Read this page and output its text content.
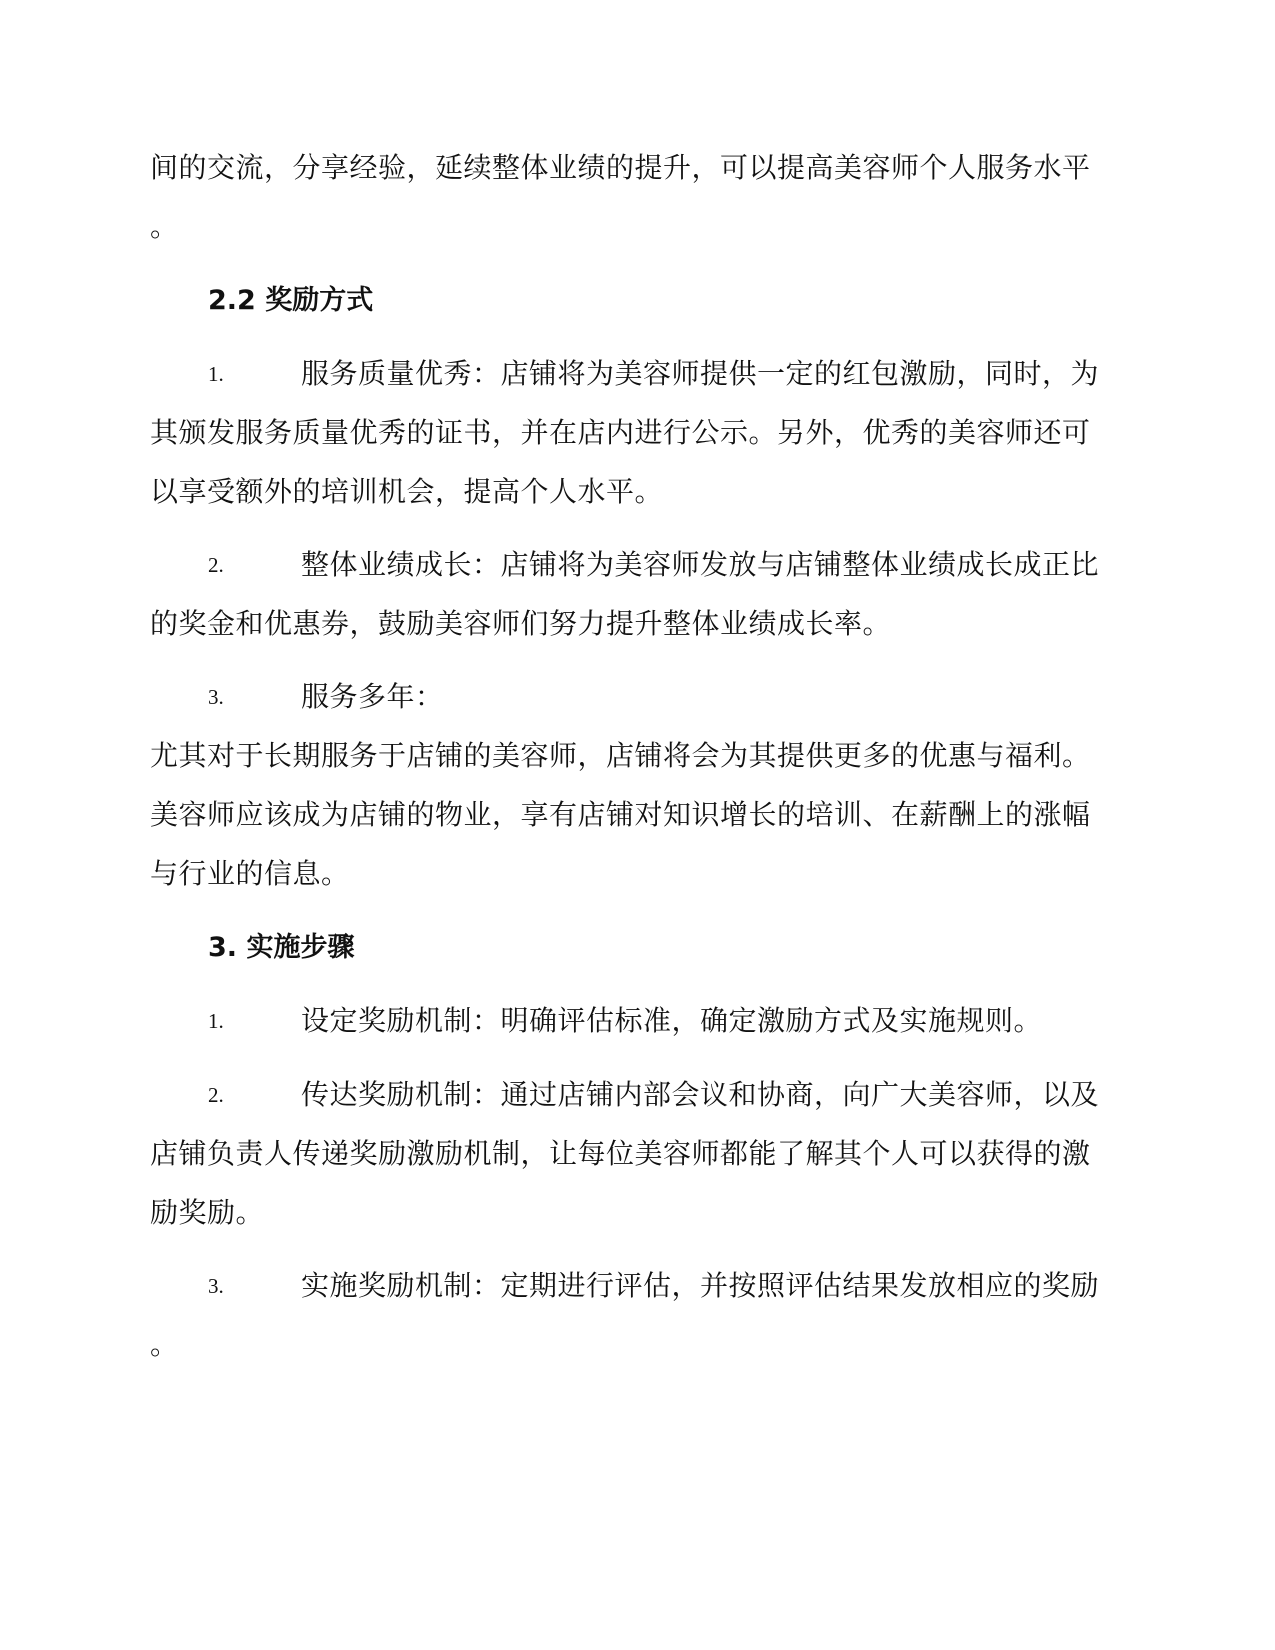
间的交流，分享经验，延续整体业绩的提升，可以提高美容师个人服务水平
。
2.2 奖励方式
1.	服务质量优秀：店铺将为美容师提供一定的红包激励，同时，为
其颁发服务质量优秀的证书，并在店内进行公示。另外，优秀的美容师还可
以享受额外的培训机会，提高个人水平。
2.	整体业绩成长：店铺将为美容师发放与店铺整体业绩成长成正比
的奖金和优惠券，鼓励美容师们努力提升整体业绩成长率。
3.	服务多年：
尤其对于长期服务于店铺的美容师，店铺将会为其提供更多的优惠与福利。
美容师应该成为店铺的物业，享有店铺对知识增长的培训、在薪酬上的涨幅
与行业的信息。
3. 实施步骤
1.	设定奖励机制：明确评估标准，确定激励方式及实施规则。
2.	传达奖励机制：通过店铺内部会议和协商，向广大美容师，以及
店铺负责人传递奖励激励机制，让每位美容师都能了解其个人可以获得的激
励奖励。
3.	实施奖励机制：定期进行评估，并按照评估结果发放相应的奖励
。
